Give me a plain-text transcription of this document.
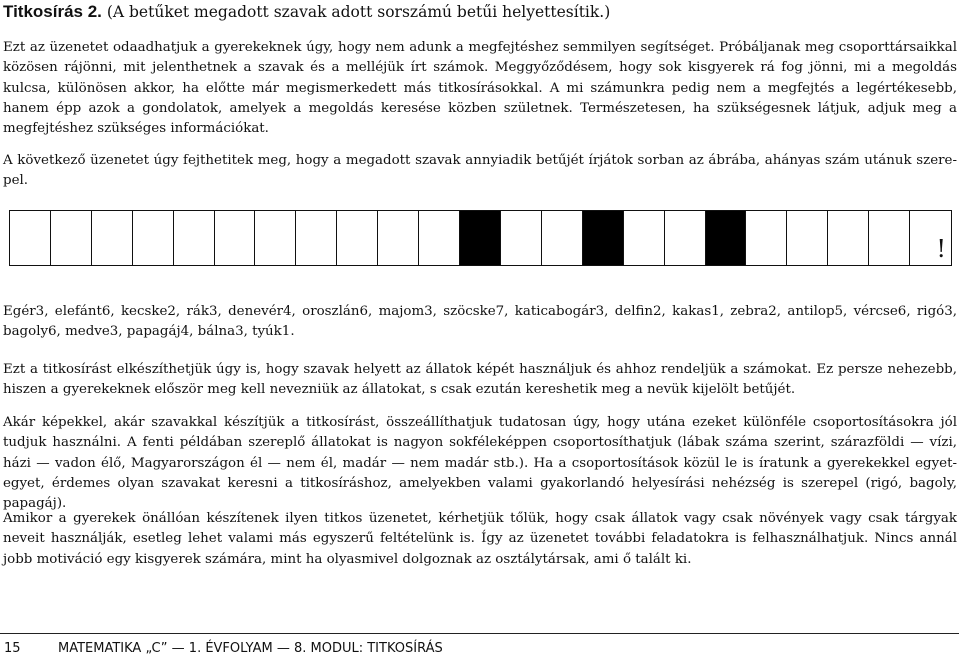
Titkosírás 2. (A betűket megadott szavak adott sorszámú betűi helyettesítik.)

Ezt az üzenetet odaadhatjuk a gyerekeknek úgy, hogy nem adunk a megfejtéshez semmilyen segítséget. Próbáljanak meg csoporttársaikkal közösen rájönni, mit jelenthetnek a szavak és a melléjük írt számok. Meggyőződésem, hogy sok kisgyerek rá fog jönni, mi a megoldás kulcsa, különösen akkor, ha előtte már megismerkedett más titkosírásokkal. A mi számunkra pedig nem a megfejtés a legértékesebb, hanem épp azok a gondolatok, amelyek a megoldás keresése közben születnek. Természetesen, ha szükségesnek látjuk, adjuk meg a megfejtéshez szükséges információkat.

A következő üzenetet úgy fejthetitek meg, hogy a megadott szavak annyiadik betűjét írjátok sorban az ábrába, ahányas szám utánuk szerepel.

!

Egér3, elefánt6, kecske2, rák3, denevér4, oroszlán6, majom3, szöcske7, katicabogár3, delfin2, kakas1, zebra2, antilop5, vércse6, rigó3, bagoly6, medve3, papagáj4, bálna3, tyúk1.

Ezt a titkosírást elkészíthetjük úgy is, hogy szavak helyett az állatok képét használjuk és ahhoz rendeljük a számokat. Ez persze nehezebb, hiszen a gyerekeknek először meg kell nevezniük az állatokat, s csak ezután kereshetik meg a nevük kijelölt betűjét.

Akár képekkel, akár szavakkal készítjük a titkosírást, összeállíthatjuk tudatosan úgy, hogy utána ezeket különféle csoportosításokra jól tudjuk használni. A fenti példában szereplő állatokat is nagyon sokféleképpen csoportosíthatjuk (lábak száma szerint, szárazföldi — vízi, házi — vadon élő, Magyarországon él — nem él, madár — nem madár stb.). Ha a csoportosítások közül le is íratunk a gyerekekkel egyet-egyet, érdemes olyan szavakat keresni a titkosíráshoz, amelyekben valami gyakorlandó helyesírási nehézség is szerepel (rigó, bagoly, papagáj).

Amikor a gyerekek önállóan készítenek ilyen titkos üzenetet, kérhetjük tőlük, hogy csak állatok vagy csak növények vagy csak tárgyak neveit használják, esetleg lehet valami más egyszerű feltételünk is. Így az üzenetet további feladatokra is felhasználhatjuk. Nincs annál jobb motiváció egy kisgyerek számára, mint ha olyasmivel dolgoznak az osztálytársak, ami ő talált ki.

15	MATEMATIKA „C” — 1. ÉVFOLYAM — 8. MODUL: TITKOSÍRÁS
